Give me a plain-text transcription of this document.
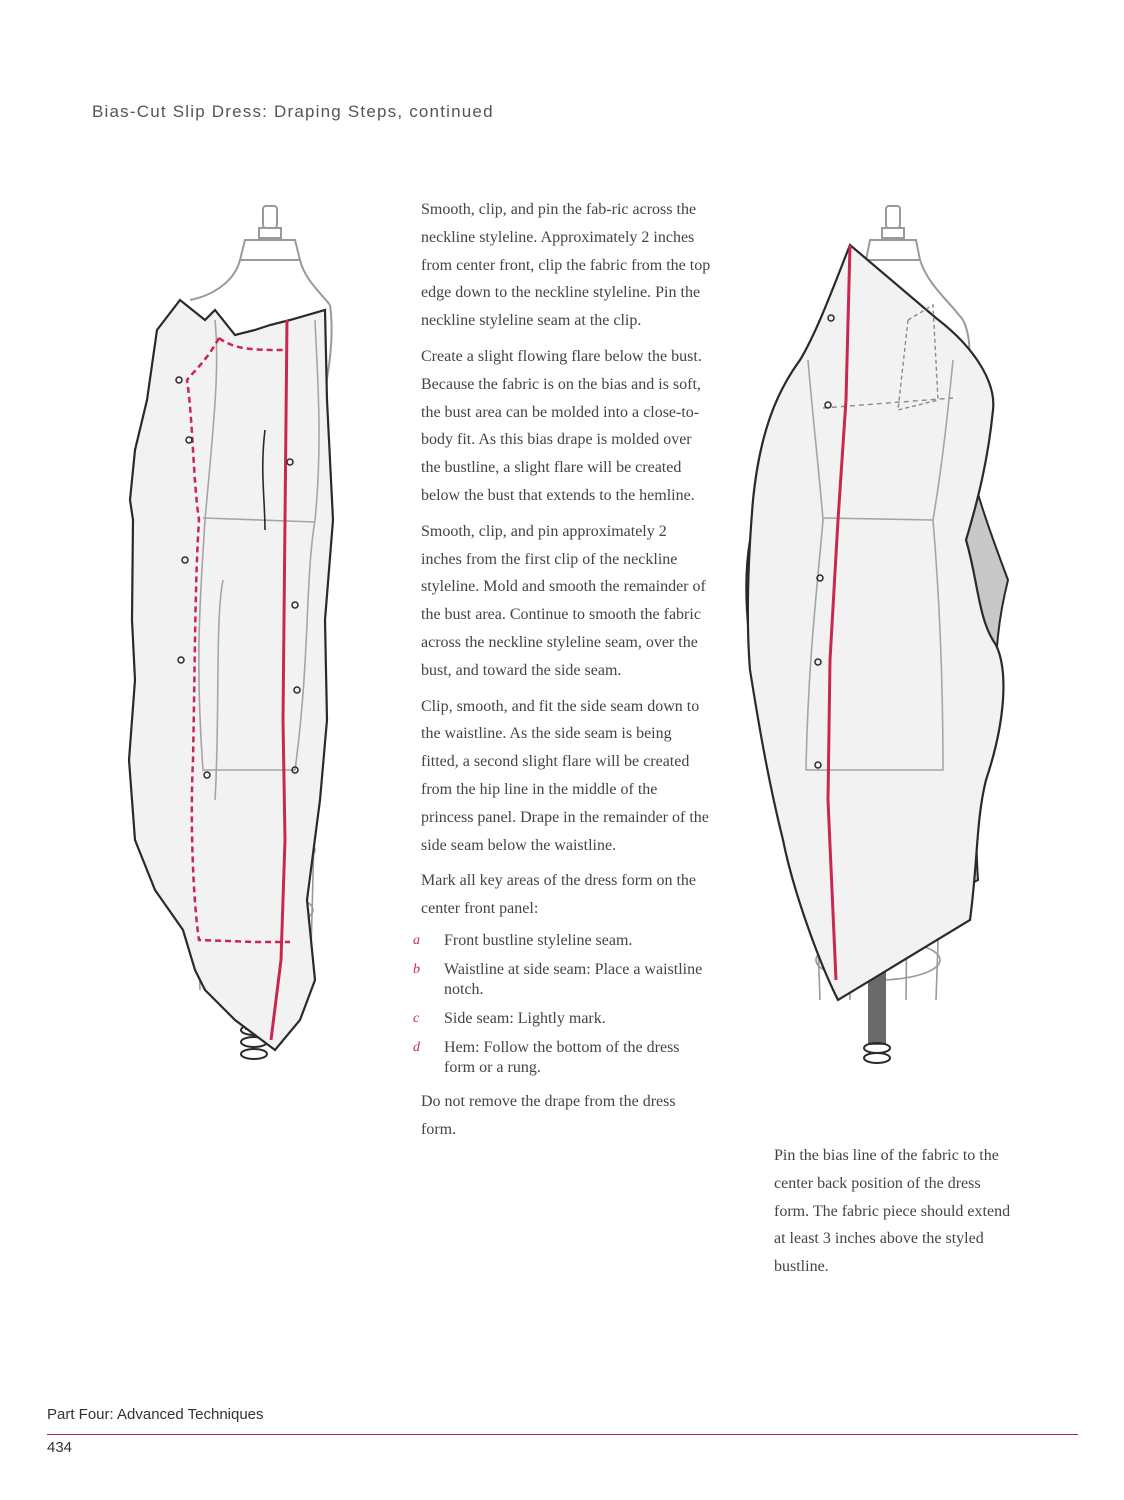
Bias-Cut Slip Dress: Draping Steps, continued

Smooth, clip, and pin the fab-ric across the neckline styleline. Approximately 2 inches from center front, clip the fabric from the top edge down to the neckline styleline. Pin the neckline styleline seam at the clip.

Create a slight flowing flare below the bust. Because the fabric is on the bias and is soft, the bust area can be molded into a close-to-body fit. As this bias drape is molded over the bustline, a slight flare will be created below the bust that extends to the hemline.

Smooth, clip, and pin approximately 2 inches from the first clip of the neckline styleline. Mold and smooth the remainder of the bust area. Continue to smooth the fabric across the neckline styleline seam, over the bust, and toward the side seam.

Clip, smooth, and fit the side seam down to the waistline. As the side seam is being fitted, a second slight flare will be created from the hip line in the middle of the princess panel. Drape in the remainder of the side seam below the waistline.

Mark all key areas of the dress form on the center front panel:

a Front bustline styleline seam.
b Waistline at side seam: Place a waistline notch.
c Side seam: Lightly mark.
d Hem: Follow the bottom of the dress form or a rung.

Do not remove the drape from the dress form.

Pin the bias line of the fabric to the center back position of the dress form. The fabric piece should extend at least 3 inches above the styled bustline.

Part Four: Advanced Techniques
434
